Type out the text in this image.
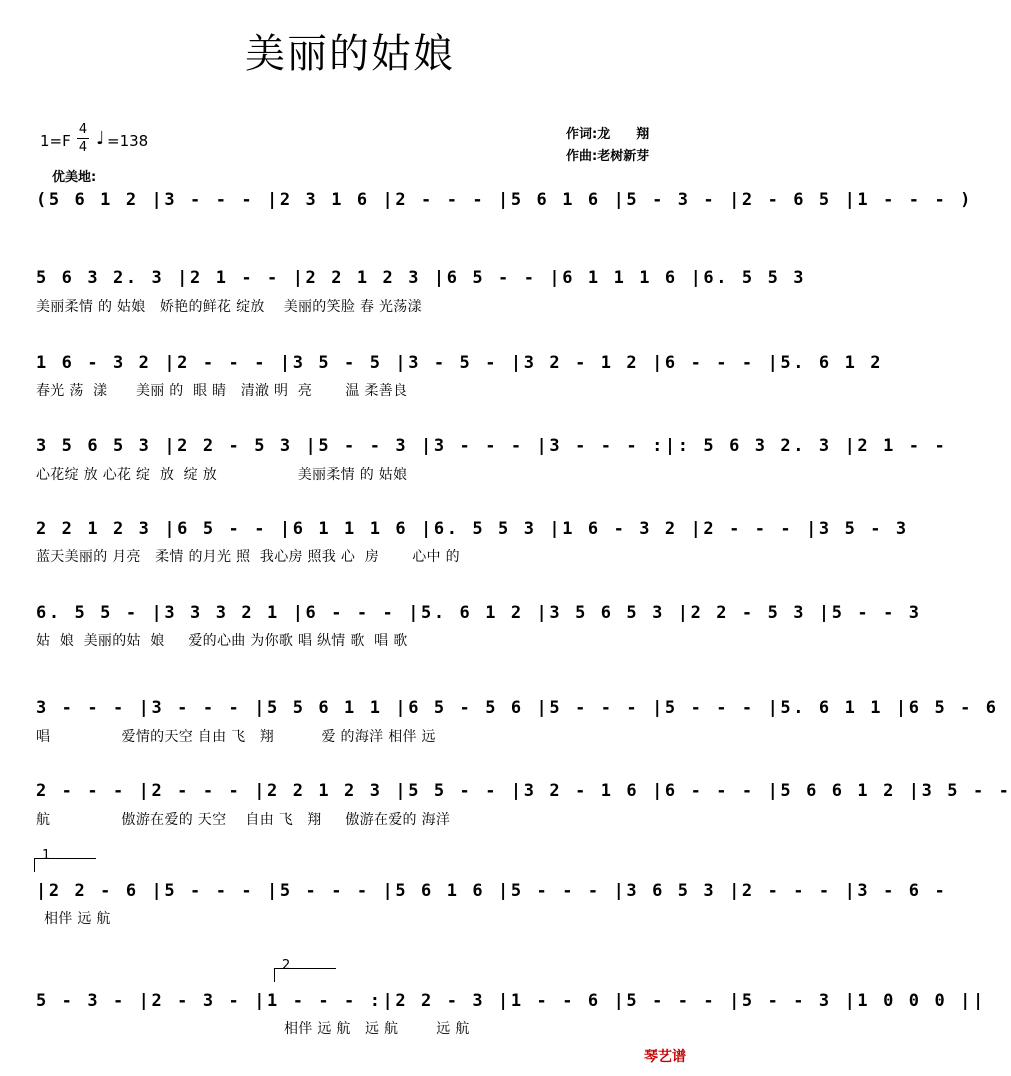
美丽的姑娘
1=F
4
4 ♩ =138	作词:龙　　翔
作曲:老树新芽
优美地:
(5 6 1 2 |3 - - - |2 3 1 6 |2 - - - |5 6 1 6 |5 - 3 - |2 - 6 5 |1 - - - )
5 6 3 2. 3 |2 1 - - |2 2 1 2 3 |6 5 - - |6 1 1 1 6 |6. 5 5 3
美丽柔情 的 姑娘   娇艳的鲜花 绽放    美丽的笑脸 春 光荡漾
1 6 - 3 2 |2 - - - |3 5 - 5 |3 - 5 - |3 2 - 1 2 |6 - - - |5. 6 1 2
春光 荡  漾      美丽 的  眼 睛   清澈 明  亮       温 柔善良
3 5 6 5 3 |2 2 - 5 3 |5 - - 3 |3 - - - |3 - - - :|: 5 6 3 2. 3 |2 1 - -
心花绽 放 心花 绽  放  绽 放                 美丽柔情 的 姑娘
2 2 1 2 3 |6 5 - - |6 1 1 1 6 |6. 5 5 3 |1 6 - 3 2 |2 - - - |3 5 - 3
蓝天美丽的 月亮   柔情 的月光 照  我心房 照我 心  房       心中 的
6. 5 5 - |3 3 3 2 1 |6 - - - |5. 6 1 2 |3 5 6 5 3 |2 2 - 5 3 |5 - - 3
姑  娘  美丽的姑  娘     爱的心曲 为你歌 唱 纵情 歌  唱 歌
3 - - - |3 - - - |5 5 6 1 1 |6 5 - 5 6 |5 - - - |5 - - - |5. 6 1 1 |6 5 - 6
唱               爱情的天空 自由 飞   翔          爱 的海洋 相伴 远
2 - - - |2 - - - |2 2 1 2 3 |5 5 - - |3 2 - 1 6 |6 - - - |5 6 6 1 2 |3 5 - -
航               傲游在爱的 天空    自由 飞   翔     傲游在爱的 海洋
1
|2 2 - 6 |5 - - - |5 - - - |5 6 1 6 |5 - - - |3 6 5 3 |2 - - - |3 - 6 -
相伴 远 航
2
5 - 3 - |2 - 3 - |1 - - - :|2 2 - 3 |1 - - 6 |5 - - - |5 - - 3 |1 0 0 0 ||
相伴 远 航   远 航        远 航
琴艺谱
